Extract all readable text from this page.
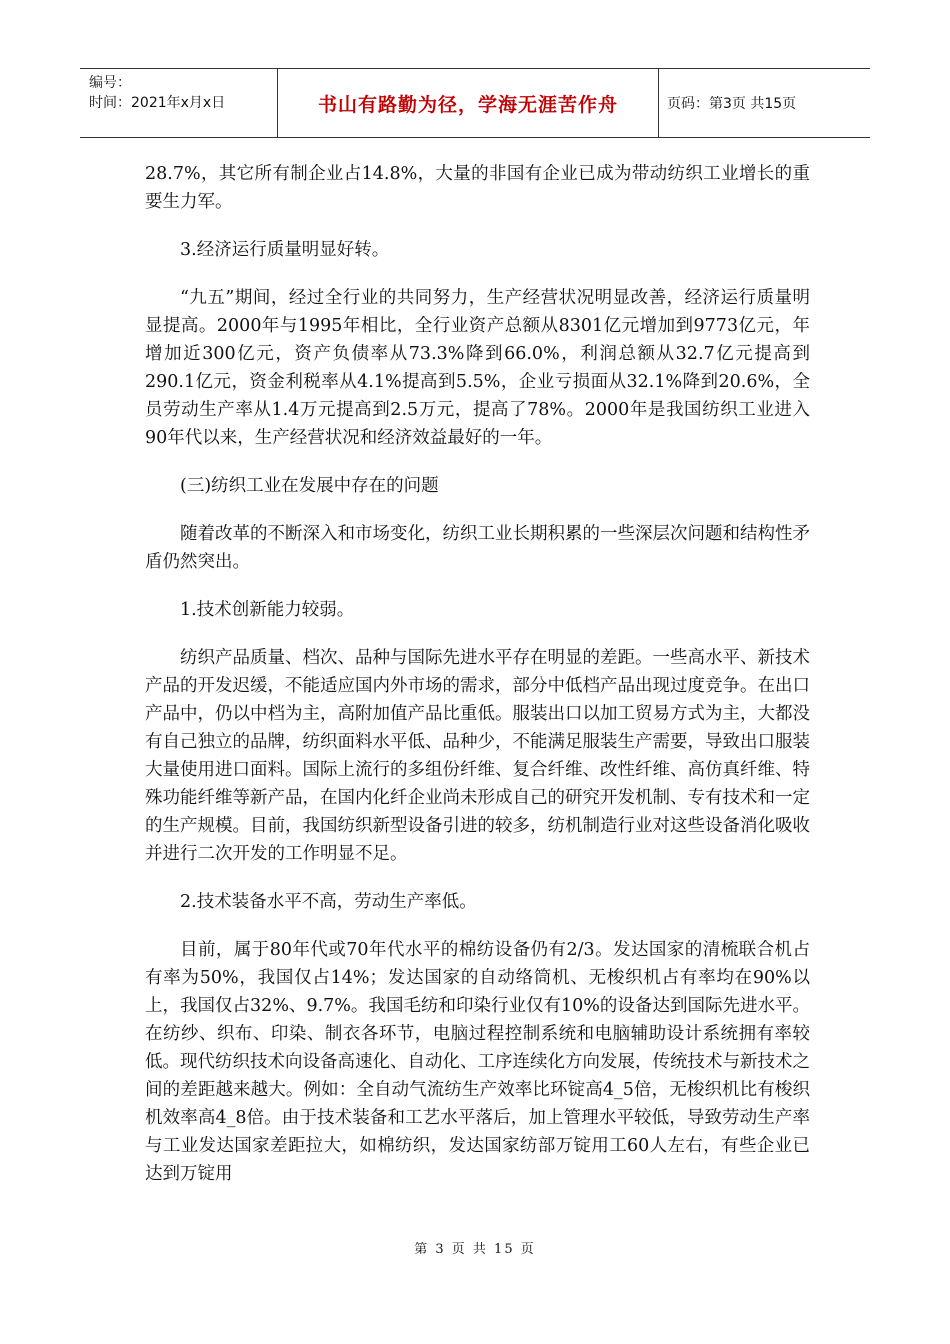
编号：
时间：2021年x月x日	书山有路勤为径，学海无涯苦作舟	页码：第3页 共15页

28.7%，其它所有制企业占14.8%，大量的非国有企业已成为带动纺织工业增长的重要生力军。

3.经济运行质量明显好转。

“九五”期间，经过全行业的共同努力，生产经营状况明显改善，经济运行质量明显提高。2000年与1995年相比，全行业资产总额从8301亿元增加到9773亿元，年增加近300亿元，资产负债率从73.3%降到66.0%，利润总额从32.7亿元提高到290.1亿元，资金利税率从4.1%提高到5.5%，企业亏损面从32.1%降到20.6%，全员劳动生产率从1.4万元提高到2.5万元，提高了78%。2000年是我国纺织工业进入90年代以来，生产经营状况和经济效益最好的一年。

(三)纺织工业在发展中存在的问题

随着改革的不断深入和市场变化，纺织工业长期积累的一些深层次问题和结构性矛盾仍然突出。

1.技术创新能力较弱。

纺织产品质量、档次、品种与国际先进水平存在明显的差距。一些高水平、新技术产品的开发迟缓，不能适应国内外市场的需求，部分中低档产品出现过度竞争。在出口产品中，仍以中档为主，高附加值产品比重低。服装出口以加工贸易方式为主，大都没有自己独立的品牌，纺织面料水平低、品种少，不能满足服装生产需要，导致出口服装大量使用进口面料。国际上流行的多组份纤维、复合纤维、改性纤维、高仿真纤维、特殊功能纤维等新产品，在国内化纤企业尚未形成自己的研究开发机制、专有技术和一定的生产规模。目前，我国纺织新型设备引进的较多，纺机制造行业对这些设备消化吸收并进行二次开发的工作明显不足。

2.技术装备水平不高，劳动生产率低。

目前，属于80年代或70年代水平的棉纺设备仍有2/3。发达国家的清梳联合机占有率为50%，我国仅占14%；发达国家的自动络筒机、无梭织机占有率均在90%以上，我国仅占32%、9.7%。我国毛纺和印染行业仅有10%的设备达到国际先进水平。在纺纱、织布、印染、制衣各环节，电脑过程控制系统和电脑辅助设计系统拥有率较低。现代纺织技术向设备高速化、自动化、工序连续化方向发展，传统技术与新技术之间的差距越来越大。例如：全自动气流纺生产效率比环锭高4_5倍，无梭织机比有梭织机效率高4_8倍。由于技术装备和工艺水平落后，加上管理水平较低，导致劳动生产率与工业发达国家差距拉大，如棉纺织，发达国家纺部万锭用工60人左右，有些企业已达到万锭用

第 3 页 共 15 页
